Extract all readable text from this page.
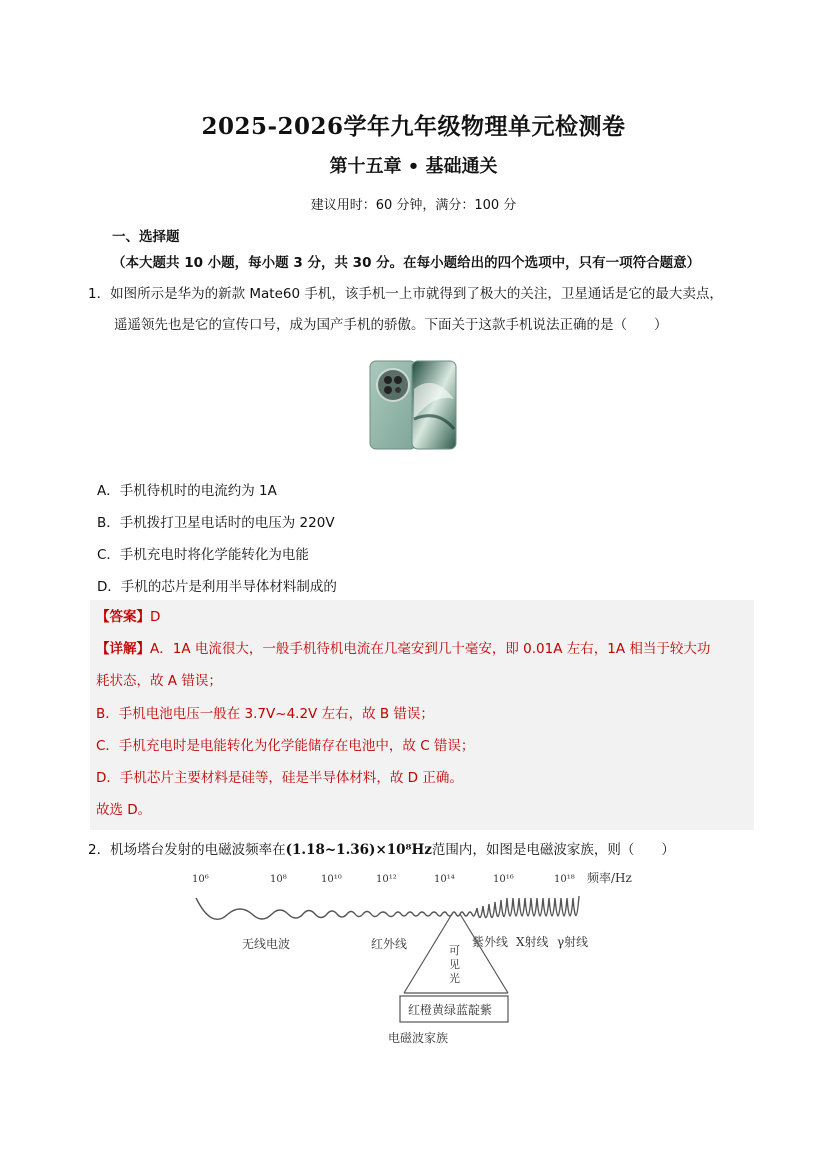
2025-2026学年九年级物理单元检测卷
第十五章 • 基础通关
建议用时：60 分钟，满分：100 分
一、选择题（本大题共 10 小题，每小题 3 分，共 30 分。在每小题给出的四个选项中，只有一项符合题意）
1．如图所示是华为的新款 Mate60 手机，该手机一上市就得到了极大的关注，卫星通话是它的最大卖点，
遥遥领先也是它的宣传口号，成为国产手机的骄傲。下面关于这款手机说法正确的是（　　）
A．手机待机时的电流约为 1A
B．手机拨打卫星电话时的电压为 220V
C．手机充电时将化学能转化为电能
D．手机的芯片是利用半导体材料制成的
【答案】D
【详解】A．1A 电流很大，一般手机待机电流在几毫安到几十毫安，即 0.01A 左右，1A 相当于较大功
耗状态，故 A 错误；
B．手机电池电压一般在 3.7V~4.2V 左右，故 B 错误；
C．手机充电时是电能转化为化学能储存在电池中，故 C 错误；
D．手机芯片主要材料是硅等，硅是半导体材料，故 D 正确。
故选 D。
2．机场塔台发射的电磁波频率在(1.18~1.36)×10⁸Hz范围内，如图是电磁波家族，则（　　）
10⁶	10⁸	10¹⁰	10¹²	10¹⁴	10¹⁶	10¹⁸ 频率/Hz
无线电波	红外线	可
见
光
紫外线 X射线 γ射线
红橙黄绿蓝靛紫
电磁波家族
